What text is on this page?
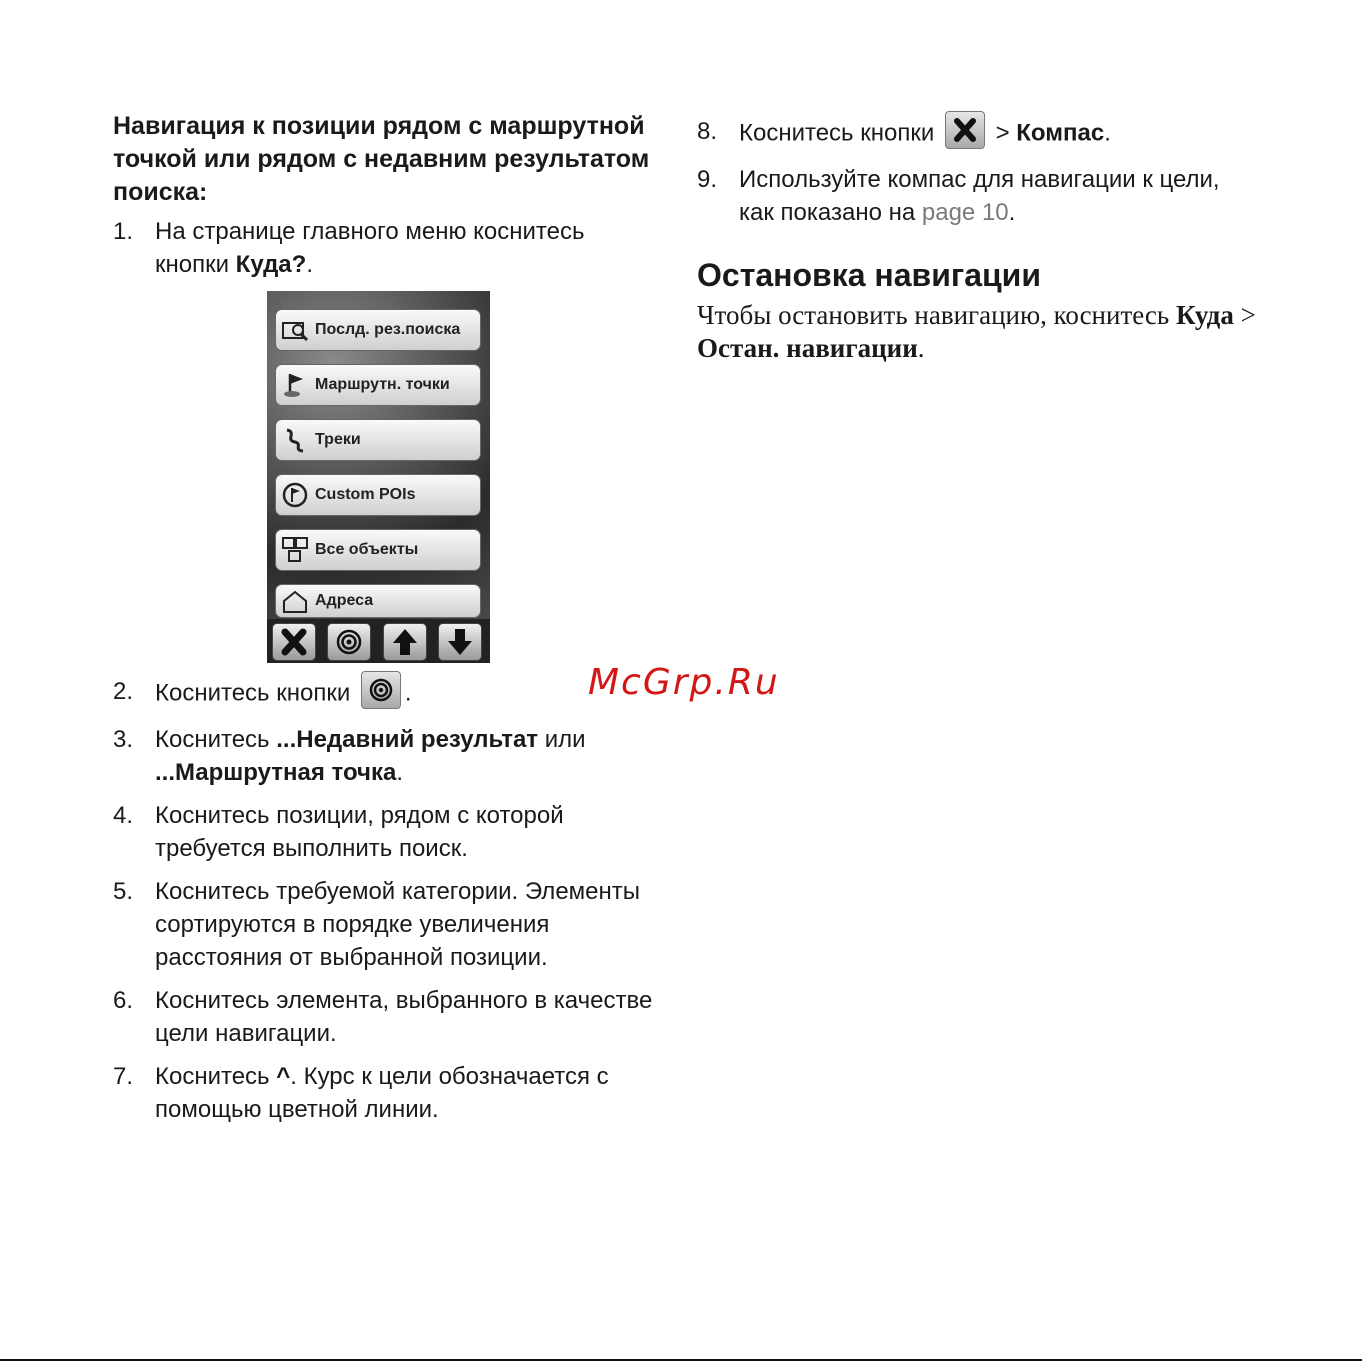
Навигация к позиции рядом с маршрутной точкой или рядом с недавним результатом поиска:

1. На странице главного меню коснитесь кнопки Куда?.

Послд. рез.поиска
Маршрутн. точки
Треки
Custom POIs
Все объекты
Адреса

2. Коснитесь кнопки
.

3. Коснитесь ...Недавний результат или ...Маршрутная точка.

4. Коснитесь позиции, рядом с которой требуется выполнить поиск.

5. Коснитесь требуемой категории. Элементы сортируются в порядке увеличения расстояния от выбранной позиции.

6. Коснитесь элемента, выбранного в качестве цели навигации.

7. Коснитесь ^. Курс к цели обозначается с помощью цветной линии.

8. Коснитесь кнопки
> Компас.

9. Используйте компас для навигации к цели, как показано на page 10.

Остановка навигации

Чтобы остановить навигацию, коснитесь Куда > Остан. навигации.

McGrp.Ru
